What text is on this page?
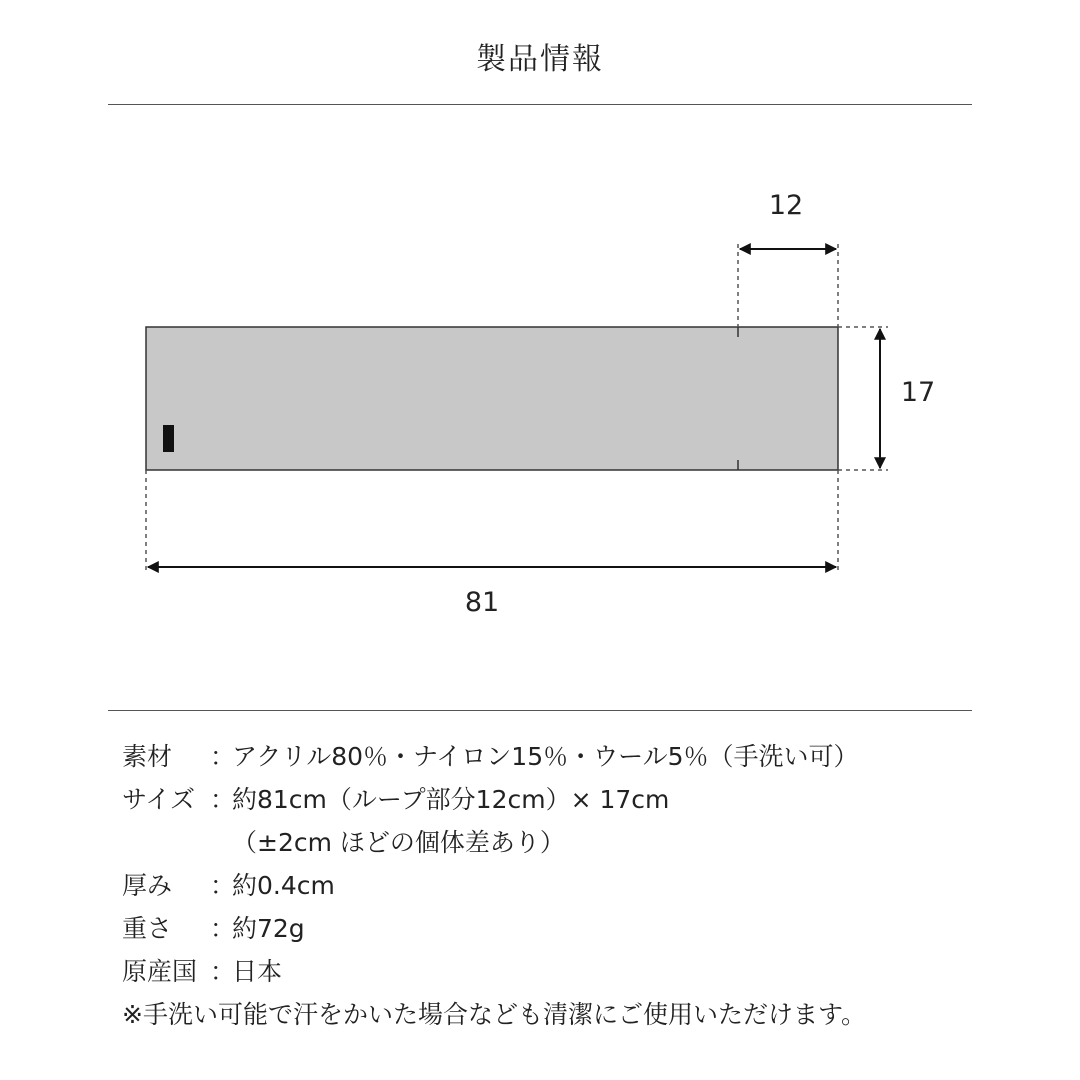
製品情報
12
17
81
素材 ：アクリル80％・ナイロン15％・ウール5％（手洗い可）
サイズ ：約81cm（ループ部分12cm）× 17cm
（±2cm ほどの個体差あり）
厚み ：約0.4cm
重さ ：約72g
原産国 ：日本
※手洗い可能で汗をかいた場合なども清潔にご使用いただけます。
